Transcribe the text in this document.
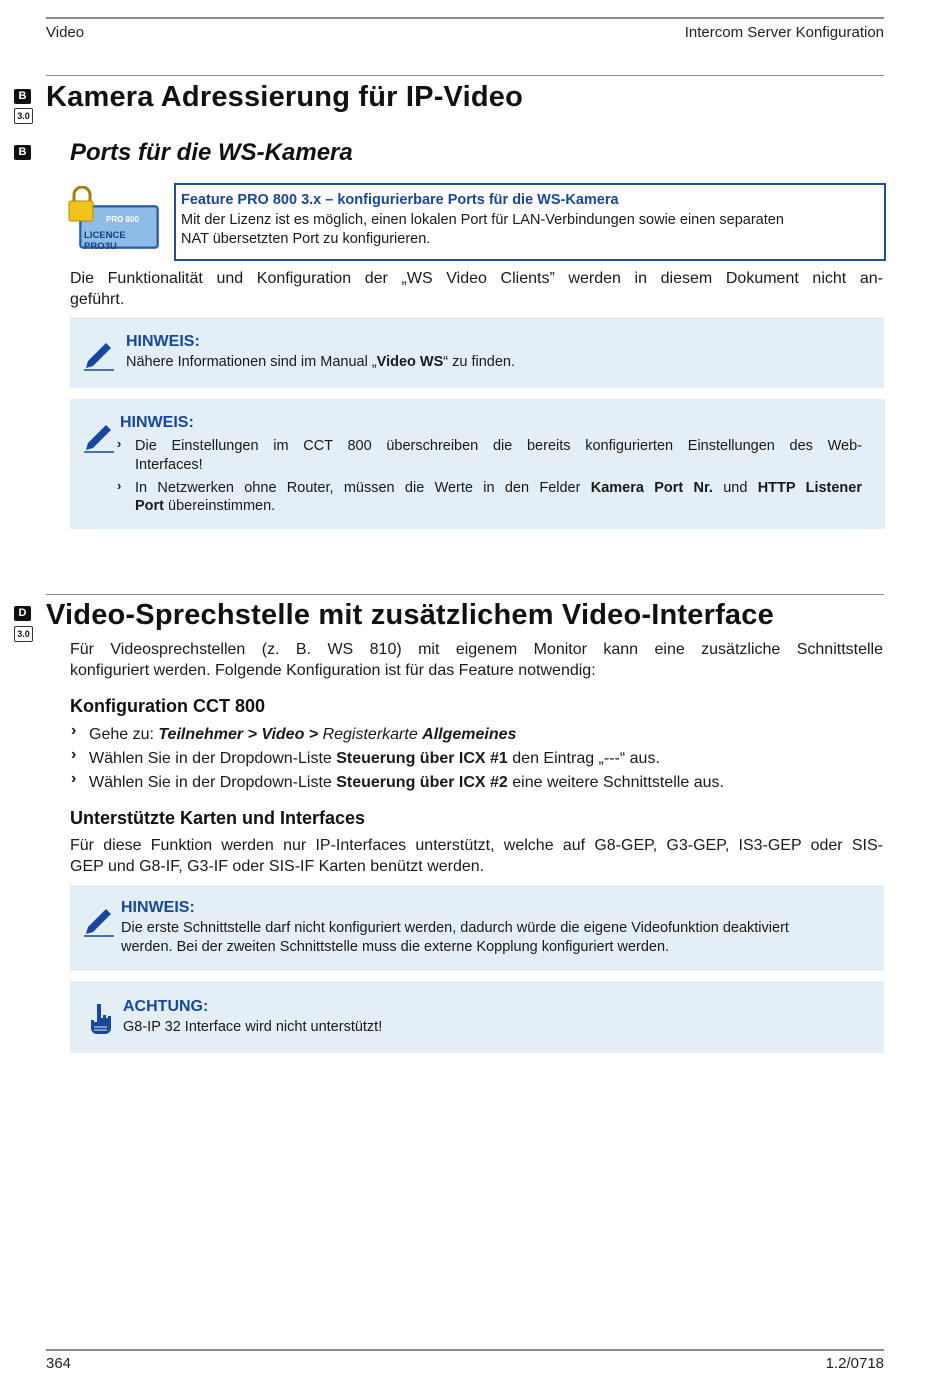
Video	Intercom Server Konfiguration
B
3.0
Kamera Adressierung für IP-Video
B Ports für die WS-Kamera
PRO 800
LICENCE PRO3U
Feature PRO 800 3.x – konfigurierbare Ports für die WS-Kamera
Mit der Lizenz ist es möglich, einen lokalen Port für LAN-Verbindungen sowie einen separaten
NAT übersetzten Port zu konfigurieren.
Die Funktionalität und Konfiguration der „WS Video Clients” werden in diesem Dokument nicht an-
geführt.
HINWEIS:
Nähere Informationen sind im Manual „Video WS“ zu finden.
HINWEIS:
› Die Einstellungen im CCT 800 überschreiben die bereits konfigurierten Einstellungen des Web-
Interfaces!
› In Netzwerken ohne Router, müssen die Werte in den Felder Kamera Port Nr. und HTTP Listener
Port übereinstimmen.
D
3.0
Video-Sprechstelle mit zusätzlichem Video-Interface
Für Videosprechstellen (z. B. WS 810) mit eigenem Monitor kann eine zusätzliche Schnittstelle
konfiguriert werden. Folgende Konfiguration ist für das Feature notwendig:
Konfiguration CCT 800
› Gehe zu: Teilnehmer > Video > Registerkarte Allgemeines
› Wählen Sie in der Dropdown-Liste Steuerung über ICX #1 den Eintrag „---“ aus.
› Wählen Sie in der Dropdown-Liste Steuerung über ICX #2 eine weitere Schnittstelle aus.
Unterstützte Karten und Interfaces
Für diese Funktion werden nur IP-Interfaces unterstützt, welche auf G8-GEP, G3-GEP, IS3-GEP oder SIS-
GEP und G8-IF, G3-IF oder SIS-IF Karten benützt werden.
HINWEIS:
Die erste Schnittstelle darf nicht konfiguriert werden, dadurch würde die eigene Videofunktion deaktiviert
werden. Bei der zweiten Schnittstelle muss die externe Kopplung konfiguriert werden.
ACHTUNG:
G8-IP 32 Interface wird nicht unterstützt!
364	1.2/0718
